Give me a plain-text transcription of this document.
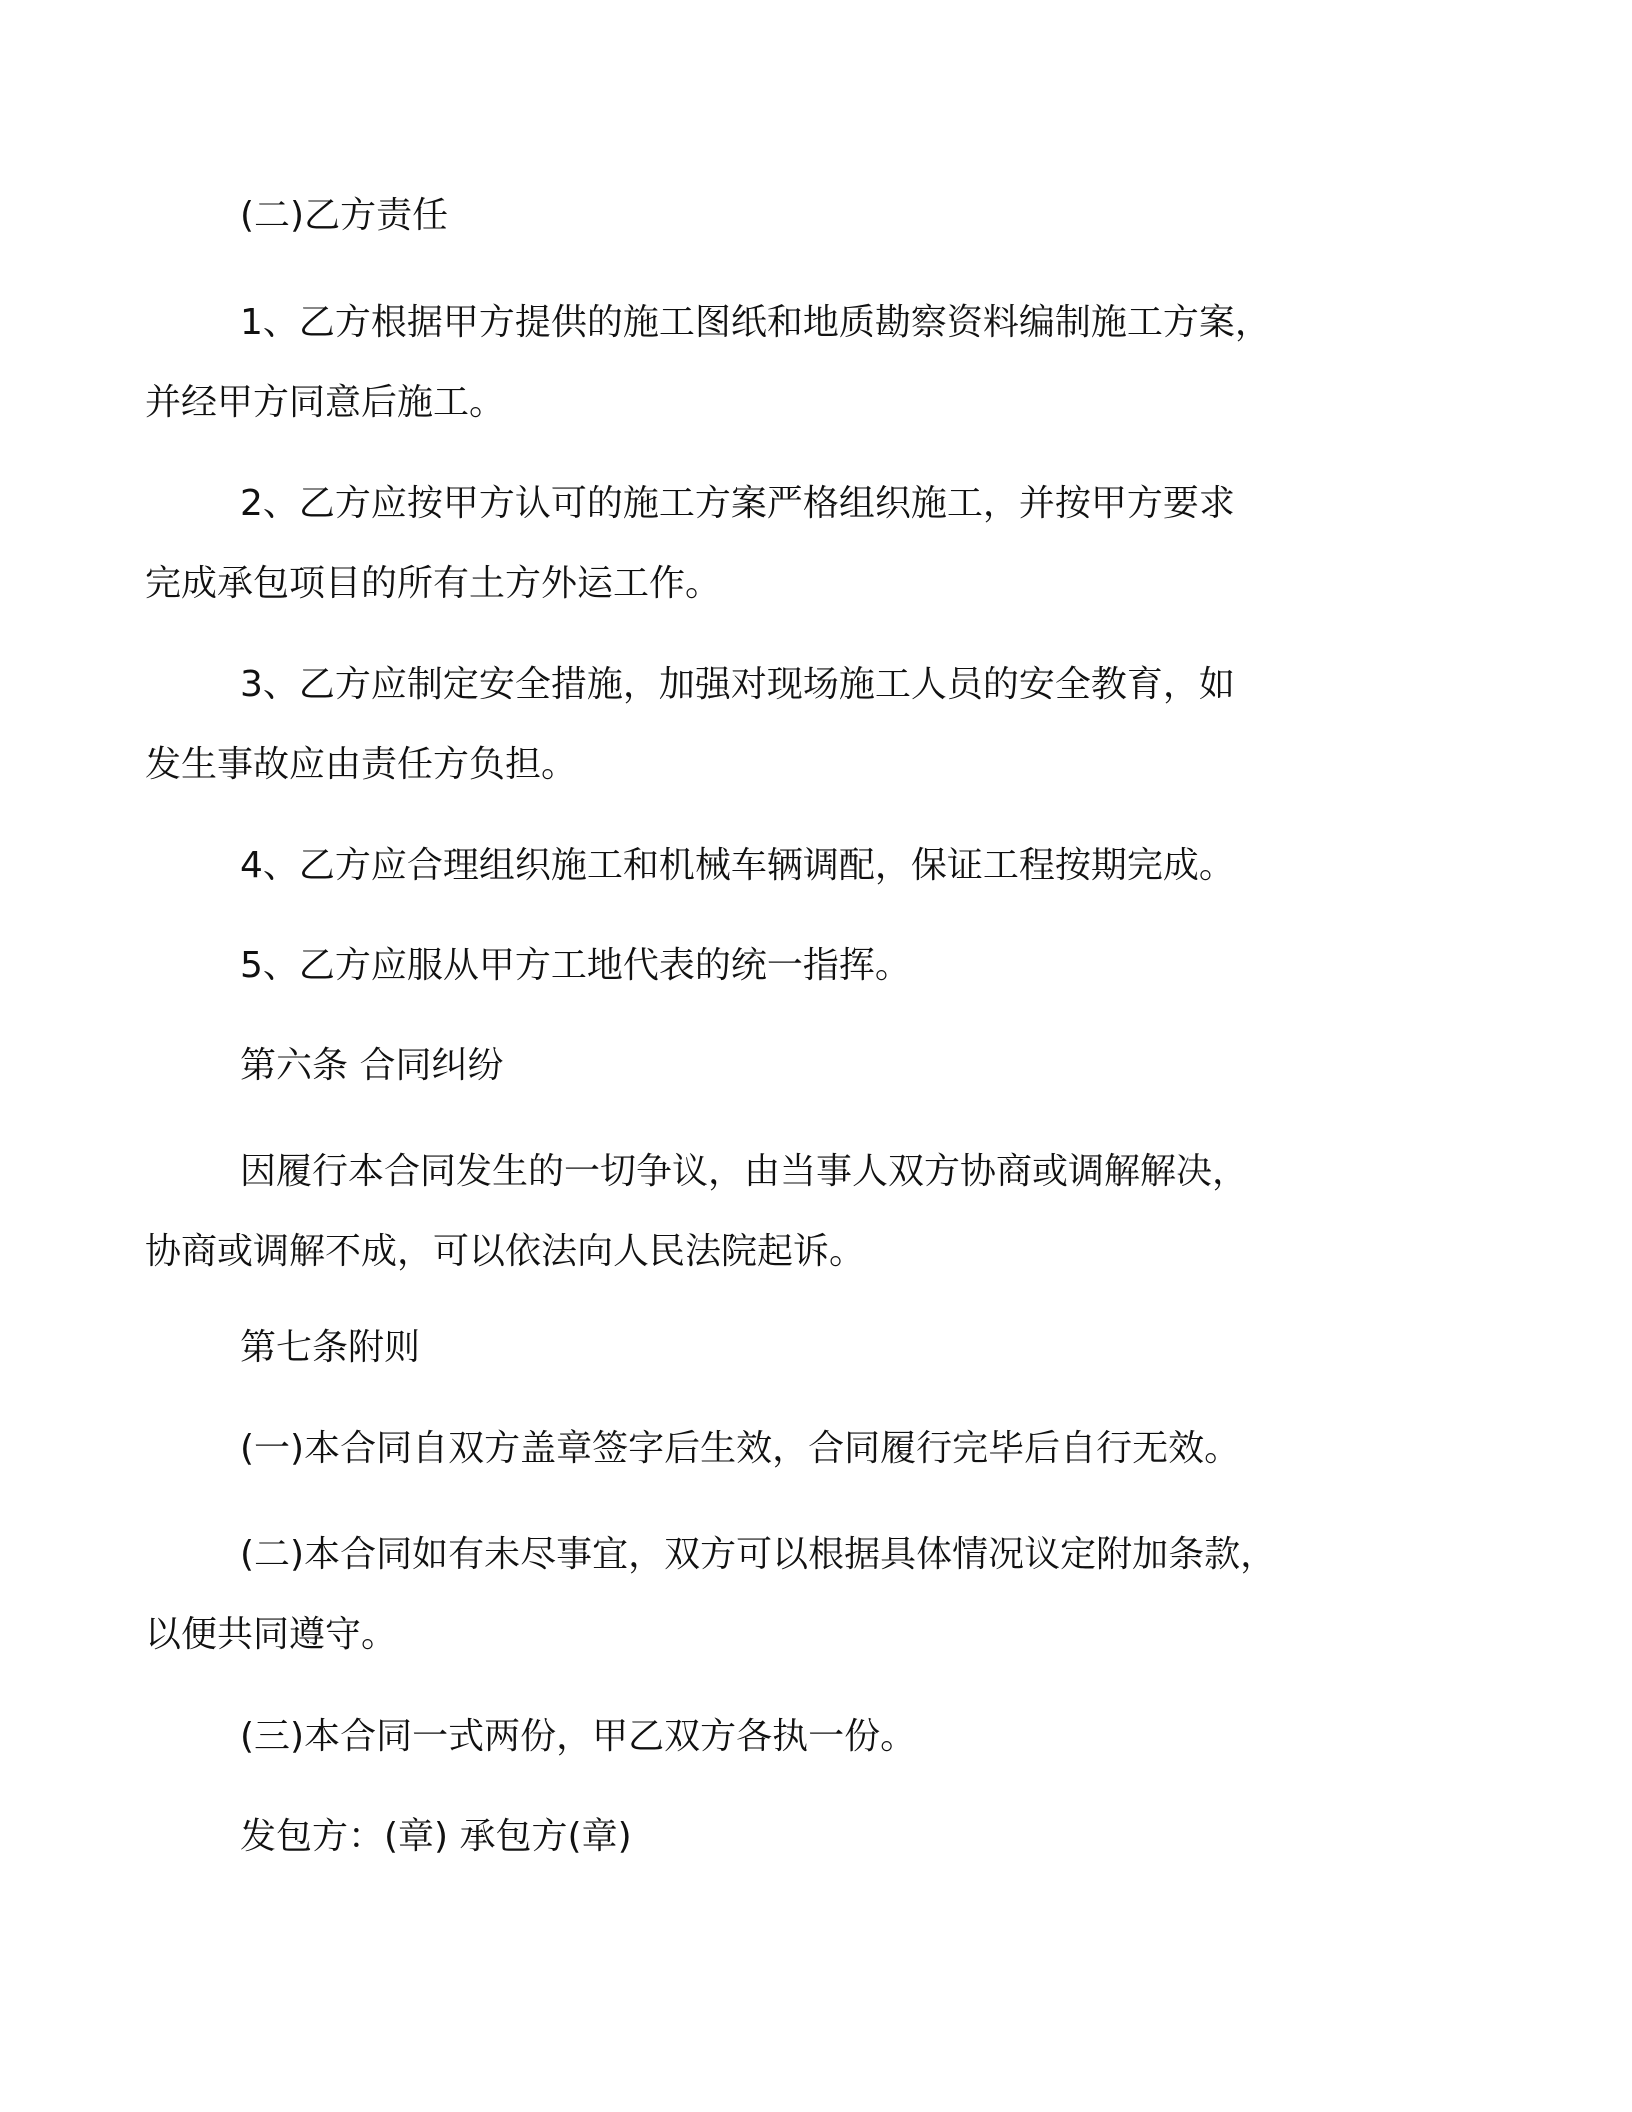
(二)乙方责任

1、乙方根据甲方提供的施工图纸和地质勘察资料编制施工方案，
并经甲方同意后施工。

2、乙方应按甲方认可的施工方案严格组织施工，并按甲方要求
完成承包项目的所有土方外运工作。

3、乙方应制定安全措施，加强对现场施工人员的安全教育，如
发生事故应由责任方负担。

4、乙方应合理组织施工和机械车辆调配，保证工程按期完成。

5、乙方应服从甲方工地代表的统一指挥。

第六条 合同纠纷

因履行本合同发生的一切争议，由当事人双方协商或调解解决，
协商或调解不成，可以依法向人民法院起诉。

第七条附则

(一)本合同自双方盖章签字后生效，合同履行完毕后自行无效。

(二)本合同如有未尽事宜，双方可以根据具体情况议定附加条款，
以便共同遵守。

(三)本合同一式两份，甲乙双方各执一份。

发包方：(章) 承包方(章)
